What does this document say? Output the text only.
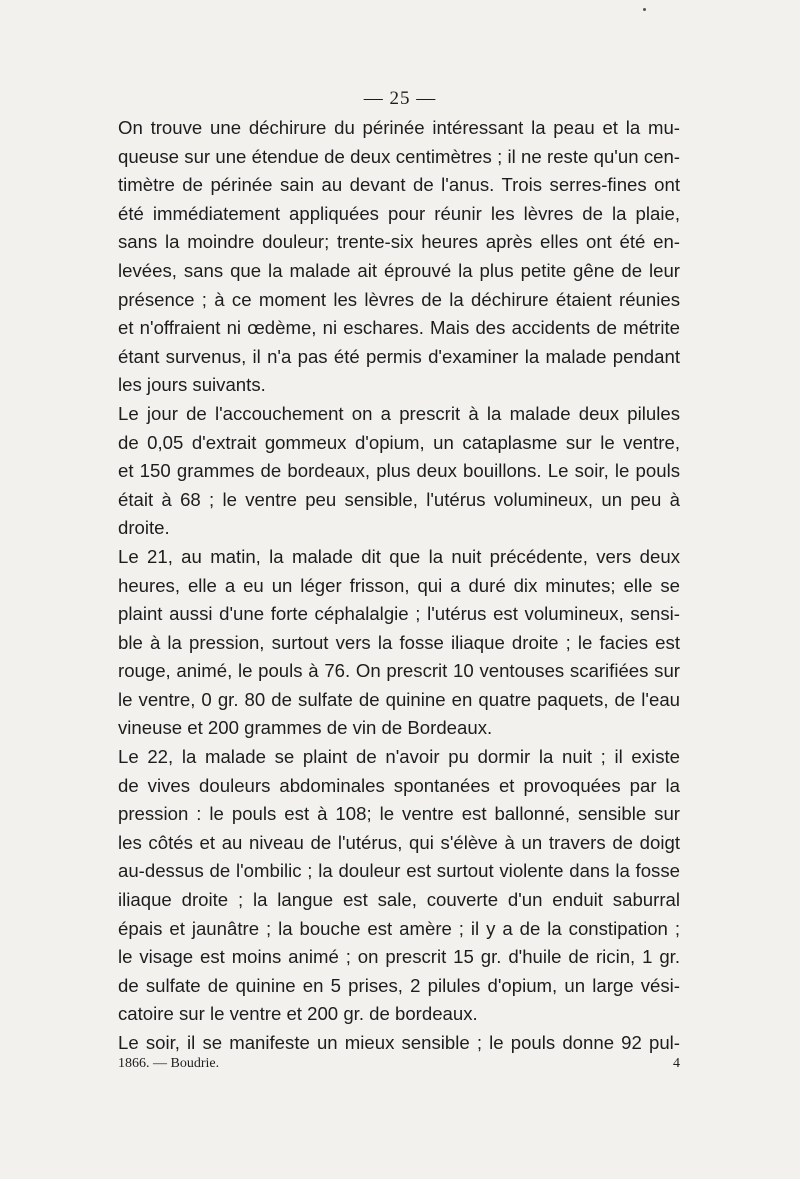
— 25 —
On trouve une déchirure du périnée intéressant la peau et la mu-
queuse sur une étendue de deux centimètres ; il ne reste qu'un cen-
timètre de périnée sain au devant de l'anus. Trois serres-fines ont
été immédiatement appliquées pour réunir les lèvres de la plaie,
sans la moindre douleur; trente-six heures après elles ont été en-
levées, sans que la malade ait éprouvé la plus petite gêne de leur
présence ; à ce moment les lèvres de la déchirure étaient réunies
et n'offraient ni œdème, ni eschares. Mais des accidents de métrite
étant survenus, il n'a pas été permis d'examiner la malade pendant
les jours suivants.
Le jour de l'accouchement on a prescrit à la malade deux pilules
de 0,05 d'extrait gommeux d'opium, un cataplasme sur le ventre,
et 150 grammes de bordeaux, plus deux bouillons. Le soir, le pouls
était à 68 ; le ventre peu sensible, l'utérus volumineux, un peu à
droite.
Le 21, au matin, la malade dit que la nuit précédente, vers deux
heures, elle a eu un léger frisson, qui a duré dix minutes; elle se
plaint aussi d'une forte céphalalgie ; l'utérus est volumineux, sensi-
ble à la pression, surtout vers la fosse iliaque droite ; le facies est
rouge, animé, le pouls à 76. On prescrit 10 ventouses scarifiées sur
le ventre, 0 gr. 80 de sulfate de quinine en quatre paquets, de l'eau
vineuse et 200 grammes de vin de Bordeaux.
Le 22, la malade se plaint de n'avoir pu dormir la nuit ; il existe
de vives douleurs abdominales spontanées et provoquées par la
pression : le pouls est à 108; le ventre est ballonné, sensible sur
les côtés et au niveau de l'utérus, qui s'élève à un travers de doigt
au-dessus de l'ombilic ; la douleur est surtout violente dans la fosse
iliaque droite ; la langue est sale, couverte d'un enduit saburral
épais et jaunâtre ; la bouche est amère ; il y a de la constipation ;
le visage est moins animé ; on prescrit 15 gr. d'huile de ricin, 1 gr.
de sulfate de quinine en 5 prises, 2 pilules d'opium, un large vési-
catoire sur le ventre et 200 gr. de bordeaux.
Le soir, il se manifeste un mieux sensible ; le pouls donne 92 pul-
1866. — Boudrie.	4
